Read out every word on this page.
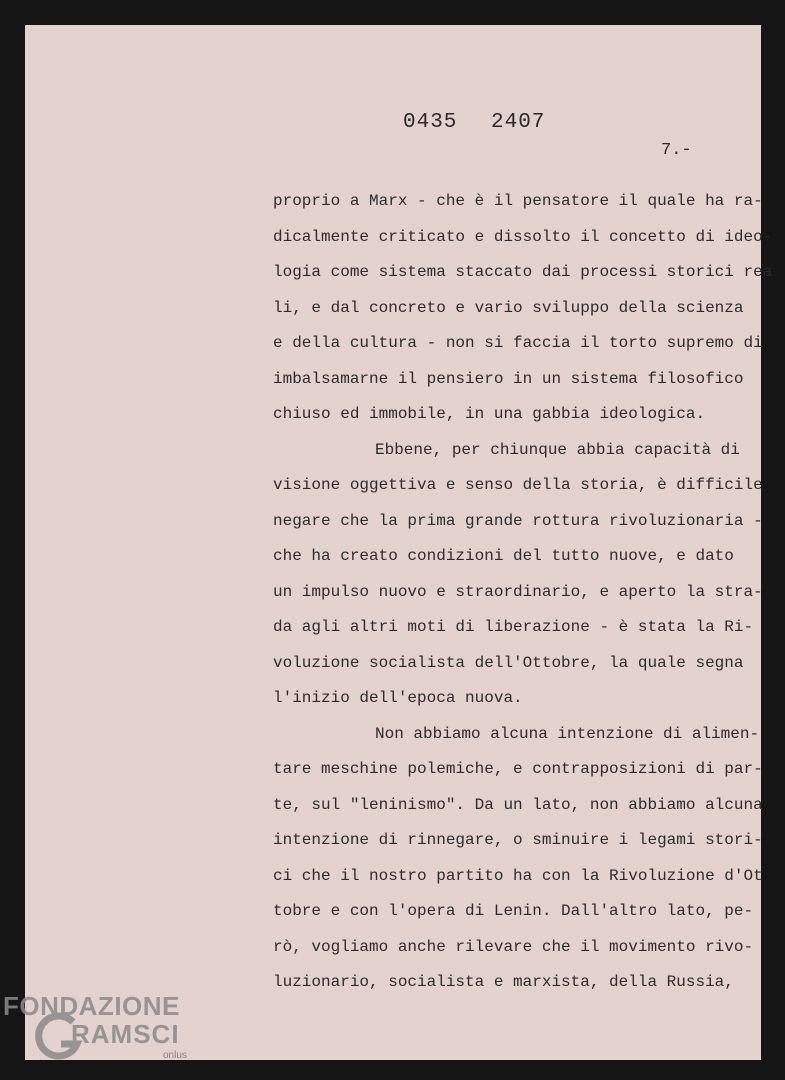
0435 2407
7.-
proprio a Marx - che è il pensatore il quale ha ra-
dicalmente criticato e dissolto il concetto di ideo-
logia come sistema staccato dai processi storici rea
li, e dal concreto e vario sviluppo della scienza
e della cultura - non si faccia il torto supremo di
imbalsamarne il pensiero in un sistema filosofico
chiuso ed immobile, in una gabbia ideologica.
Ebbene, per chiunque abbia capacità di
visione oggettiva e senso della storia, è difficile
negare che la prima grande rottura rivoluzionaria -
che ha creato condizioni del tutto nuove, e dato
un impulso nuovo e straordinario, e aperto la stra-
da agli altri moti di liberazione - è stata la Ri-
voluzione socialista dell'Ottobre, la quale segna
l'inizio dell'epoca nuova.
Non abbiamo alcuna intenzione di alimen-
tare meschine polemiche, e contrapposizioni di par-
te, sul "leninismo". Da un lato, non abbiamo alcuna
intenzione di rinnegare, o sminuire i legami stori-
ci che il nostro partito ha con la Rivoluzione d'Ot
tobre e con l'opera di Lenin. Dall'altro lato, pe-
rò, vogliamo anche rilevare che il movimento rivo-
luzionario, socialista e marxista, della Russia,
FONDAZIONE
RAMSCI
onlus
